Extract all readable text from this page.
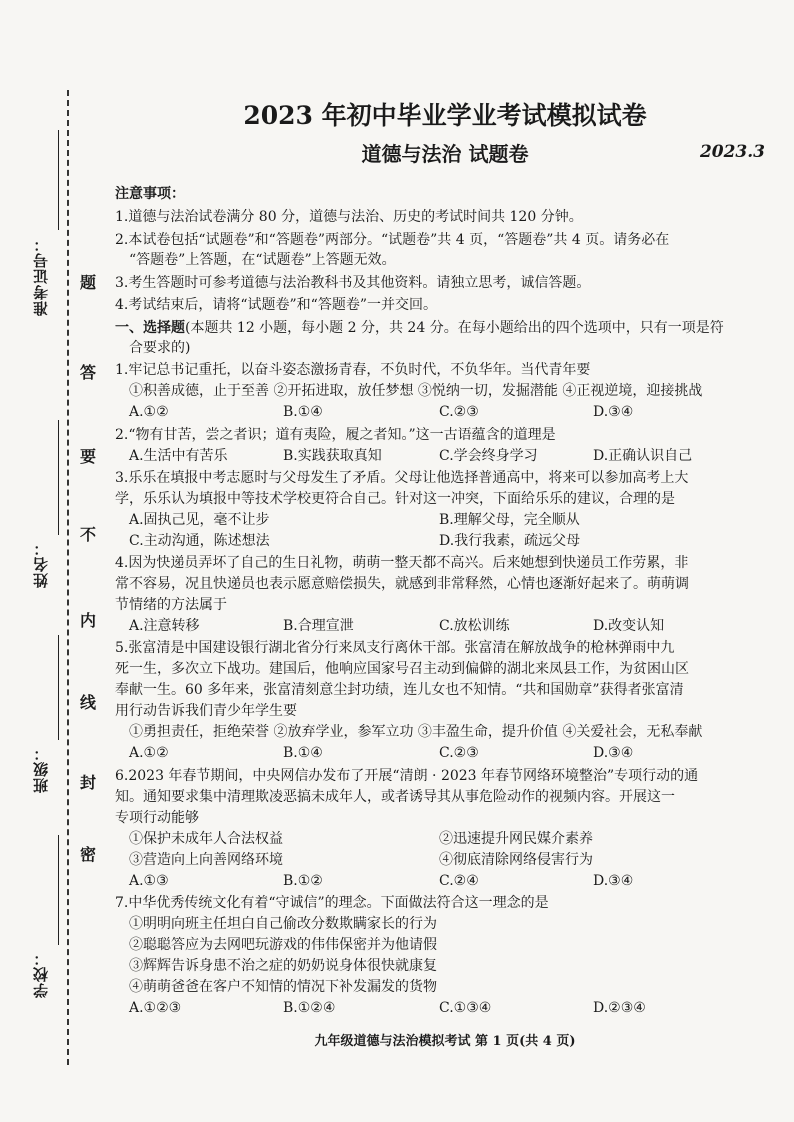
准考证号：
姓名：
班级：
学校：
题
答
要
不
内
线
封
密
2023 年初中毕业学业考试模拟试卷
道德与法治 试题卷	2023.3
注意事项：
1.道德与法治试卷满分 80 分，道德与法治、历史的考试时间共 120 分钟。
2.本试卷包括“试题卷”和“答题卷”两部分。“试题卷”共 4 页，“答题卷”共 4 页。请务必在
“答题卷”上答题，在“试题卷”上答题无效。
3.考生答题时可参考道德与法治教科书及其他资料。请独立思考，诚信答题。
4.考试结束后，请将“试题卷”和“答题卷”一并交回。
一、选择题(本题共 12 小题，每小题 2 分，共 24 分。在每小题给出的四个选项中，只有一项是符
合要求的)
1.牢记总书记重托，以奋斗姿态激扬青春，不负时代，不负华年。当代青年要
①积善成德，止于至善 ②开拓进取，放任梦想 ③悦纳一切，发掘潜能 ④正视逆境，迎接挑战
A.①②	B.①④	C.②③	D.③④
2.“物有甘苦，尝之者识；道有夷险，履之者知。”这一古语蕴含的道理是
A.生活中有苦乐	B.实践获取真知	C.学会终身学习	D.正确认识自己
3.乐乐在填报中考志愿时与父母发生了矛盾。父母让他选择普通高中，将来可以参加高考上大
学，乐乐认为填报中等技术学校更符合自己。针对这一冲突，下面给乐乐的建议，合理的是
A.固执己见，毫不让步	B.理解父母，完全顺从
C.主动沟通，陈述想法	D.我行我素，疏远父母
4.因为快递员弄坏了自己的生日礼物，萌萌一整天都不高兴。后来她想到快递员工作劳累，非
常不容易，况且快递员也表示愿意赔偿损失，就感到非常释然，心情也逐渐好起来了。萌萌调
节情绪的方法属于
A.注意转移	B.合理宣泄	C.放松训练	D.改变认知
5.张富清是中国建设银行湖北省分行来凤支行离休干部。张富清在解放战争的枪林弹雨中九
死一生，多次立下战功。建国后，他响应国家号召主动到偏僻的湖北来凤县工作，为贫困山区
奉献一生。60 多年来，张富清刻意尘封功绩，连儿女也不知情。“共和国勋章”获得者张富清
用行动告诉我们青少年学生要
①勇担责任，拒绝荣誉 ②放弃学业，参军立功 ③丰盈生命，提升价值 ④关爱社会，无私奉献
A.①②	B.①④	C.②③	D.③④
6.2023 年春节期间，中央网信办发布了开展“清朗 · 2023 年春节网络环境整治”专项行动的通
知。通知要求集中清理欺凌恶搞未成年人，或者诱导其从事危险动作的视频内容。开展这一
专项行动能够
①保护未成年人合法权益	②迅速提升网民媒介素养
③营造向上向善网络环境	④彻底清除网络侵害行为
A.①③	B.①②	C.②④	D.③④
7.中华优秀传统文化有着“守诚信”的理念。下面做法符合这一理念的是
①明明向班主任坦白自己偷改分数欺瞒家长的行为
②聪聪答应为去网吧玩游戏的伟伟保密并为他请假
③辉辉告诉身患不治之症的奶奶说身体很快就康复
④萌萌爸爸在客户不知情的情况下补发漏发的货物
A.①②③	B.①②④	C.①③④	D.②③④
九年级道德与法治模拟考试 第 1 页(共 4 页)
